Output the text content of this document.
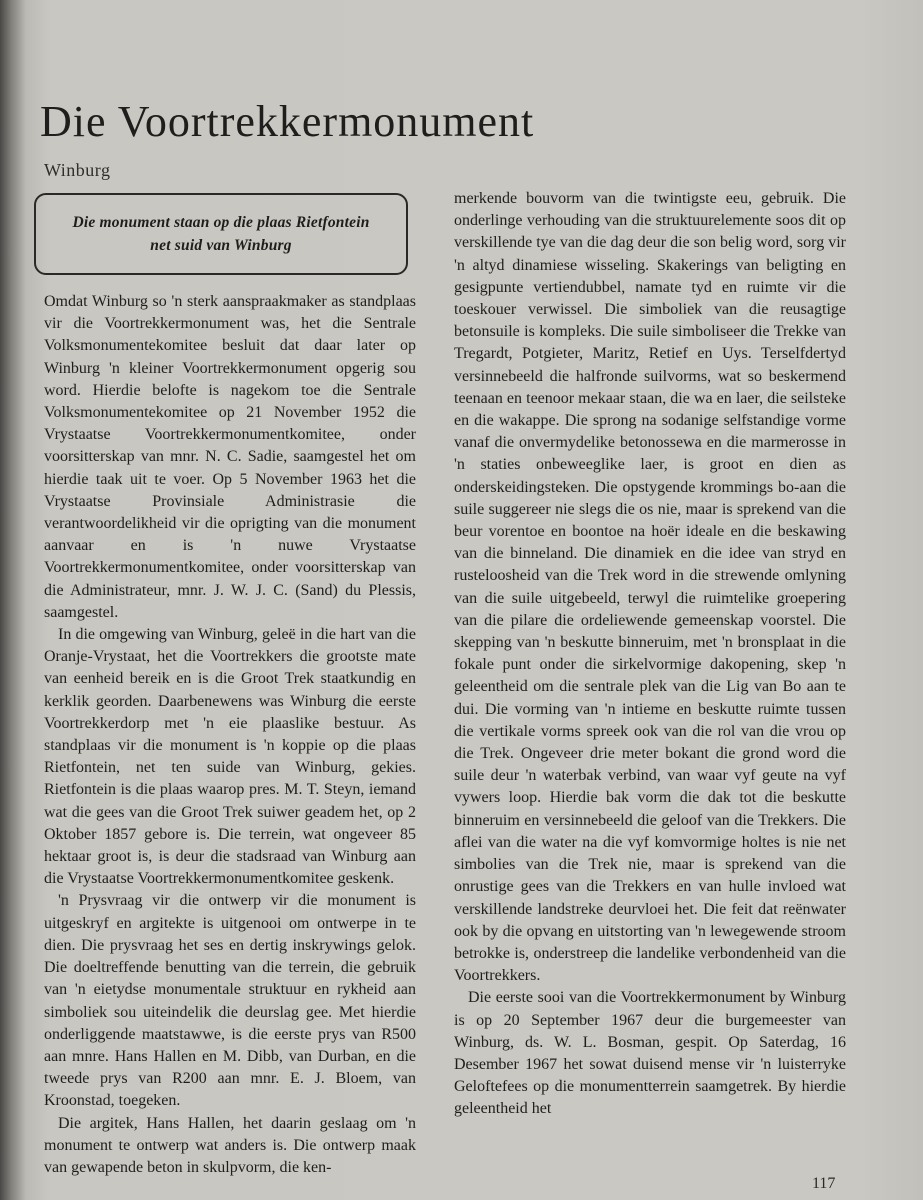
Die Voortrekkermonument
Winburg
Die monument staan op die plaas Rietfontein net suid van Winburg

Omdat Winburg so 'n sterk aanspraakmaker as standplaas vir die Voortrekkermonument was, het die Sentrale Volksmonumentekomitee besluit dat daar later op Winburg 'n kleiner Voortrekkermonument opgerig sou word. Hierdie belofte is nagekom toe die Sentrale Volksmonumentekomitee op 21 November 1952 die Vrystaatse Voortrekkermonumentkomitee, onder voorsitterskap van mnr. N. C. Sadie, saamgestel het om hierdie taak uit te voer. Op 5 November 1963 het die Vrystaatse Provinsiale Administrasie die verantwoordelikheid vir die oprigting van die monument aanvaar en is 'n nuwe Vrystaatse Voortrekkermonumentkomitee, onder voorsitterskap van die Administrateur, mnr. J. W. J. C. (Sand) du Plessis, saamgestel.

In die omgewing van Winburg, geleë in die hart van die Oranje-Vrystaat, het die Voortrekkers die grootste mate van eenheid bereik en is die Groot Trek staatkundig en kerklik georden. Daarbenewens was Winburg die eerste Voortrekkerdorp met 'n eie plaaslike bestuur. As standplaas vir die monument is 'n koppie op die plaas Rietfontein, net ten suide van Winburg, gekies. Rietfontein is die plaas waarop pres. M. T. Steyn, iemand wat die gees van die Groot Trek suiwer geadem het, op 2 Oktober 1857 gebore is. Die terrein, wat ongeveer 85 hektaar groot is, is deur die stadsraad van Winburg aan die Vrystaatse Voortrekkermonumentkomitee geskenk.

'n Prysvraag vir die ontwerp vir die monument is uitgeskryf en argitekte is uitgenooi om ontwerpe in te dien. Die prysvraag het ses en dertig inskrywings gelok. Die doeltreffende benutting van die terrein, die gebruik van 'n eietydse monumentale struktuur en rykheid aan simboliek sou uiteindelik die deurslag gee. Met hierdie onderliggende maatstawwe, is die eerste prys van R500 aan mnre. Hans Hallen en M. Dibb, van Durban, en die tweede prys van R200 aan mnr. E. J. Bloem, van Kroonstad, toegeken.

Die argitek, Hans Hallen, het daarin geslaag om 'n monument te ontwerp wat anders is. Die ontwerp maak van gewapende beton in skulpvorm, die ken-

merkende bouvorm van die twintigste eeu, gebruik. Die onderlinge verhouding van die struktuurelemente soos dit op verskillende tye van die dag deur die son belig word, sorg vir 'n altyd dinamiese wisseling. Skakerings van beligting en gesigpunte vertiendubbel, namate tyd en ruimte vir die toeskouer verwissel. Die simboliek van die reusagtige betonsuile is kompleks. Die suile simboliseer die Trekke van Tregardt, Potgieter, Maritz, Retief en Uys. Terselfdertyd versinnebeeld die halfronde suilvorms, wat so beskermend teenaan en teenoor mekaar staan, die wa en laer, die seilsteke en die wakappe. Die sprong na sodanige selfstandige vorme vanaf die onvermydelike betonossewa en die marmerosse in 'n staties onbeweeglike laer, is groot en dien as onderskeidingsteken. Die opstygende krommings bo-aan die suile suggereer nie slegs die os nie, maar is sprekend van die beur vorentoe en boontoe na hoër ideale en die beskawing van die binneland. Die dinamiek en die idee van stryd en rusteloosheid van die Trek word in die strewende omlyning van die suile uitgebeeld, terwyl die ruimtelike groepering van die pilare die ordeliewende gemeenskap voorstel. Die skepping van 'n beskutte binneruim, met 'n bronsplaat in die fokale punt onder die sirkelvormige dakopening, skep 'n geleentheid om die sentrale plek van die Lig van Bo aan te dui. Die vorming van 'n intieme en beskutte ruimte tussen die vertikale vorms spreek ook van die rol van die vrou op die Trek. Ongeveer drie meter bokant die grond word die suile deur 'n waterbak verbind, van waar vyf geute na vyf vywers loop. Hierdie bak vorm die dak tot die beskutte binneruim en versinnebeeld die geloof van die Trekkers. Die aflei van die water na die vyf komvormige holtes is nie net simbolies van die Trek nie, maar is sprekend van die onrustige gees van die Trekkers en van hulle invloed wat verskillende landstreke deurvloei het. Die feit dat reënwater ook by die opvang en uitstorting van 'n lewegewende stroom betrokke is, onderstreep die landelike verbondenheid van die Voortrekkers.

Die eerste sooi van die Voortrekkermonument by Winburg is op 20 September 1967 deur die burgemeester van Winburg, ds. W. L. Bosman, gespit. Op Saterdag, 16 Desember 1967 het sowat duisend mense vir 'n luisterryke Geloftefees op die monumentterrein saamgetrek. By hierdie geleentheid het

117
